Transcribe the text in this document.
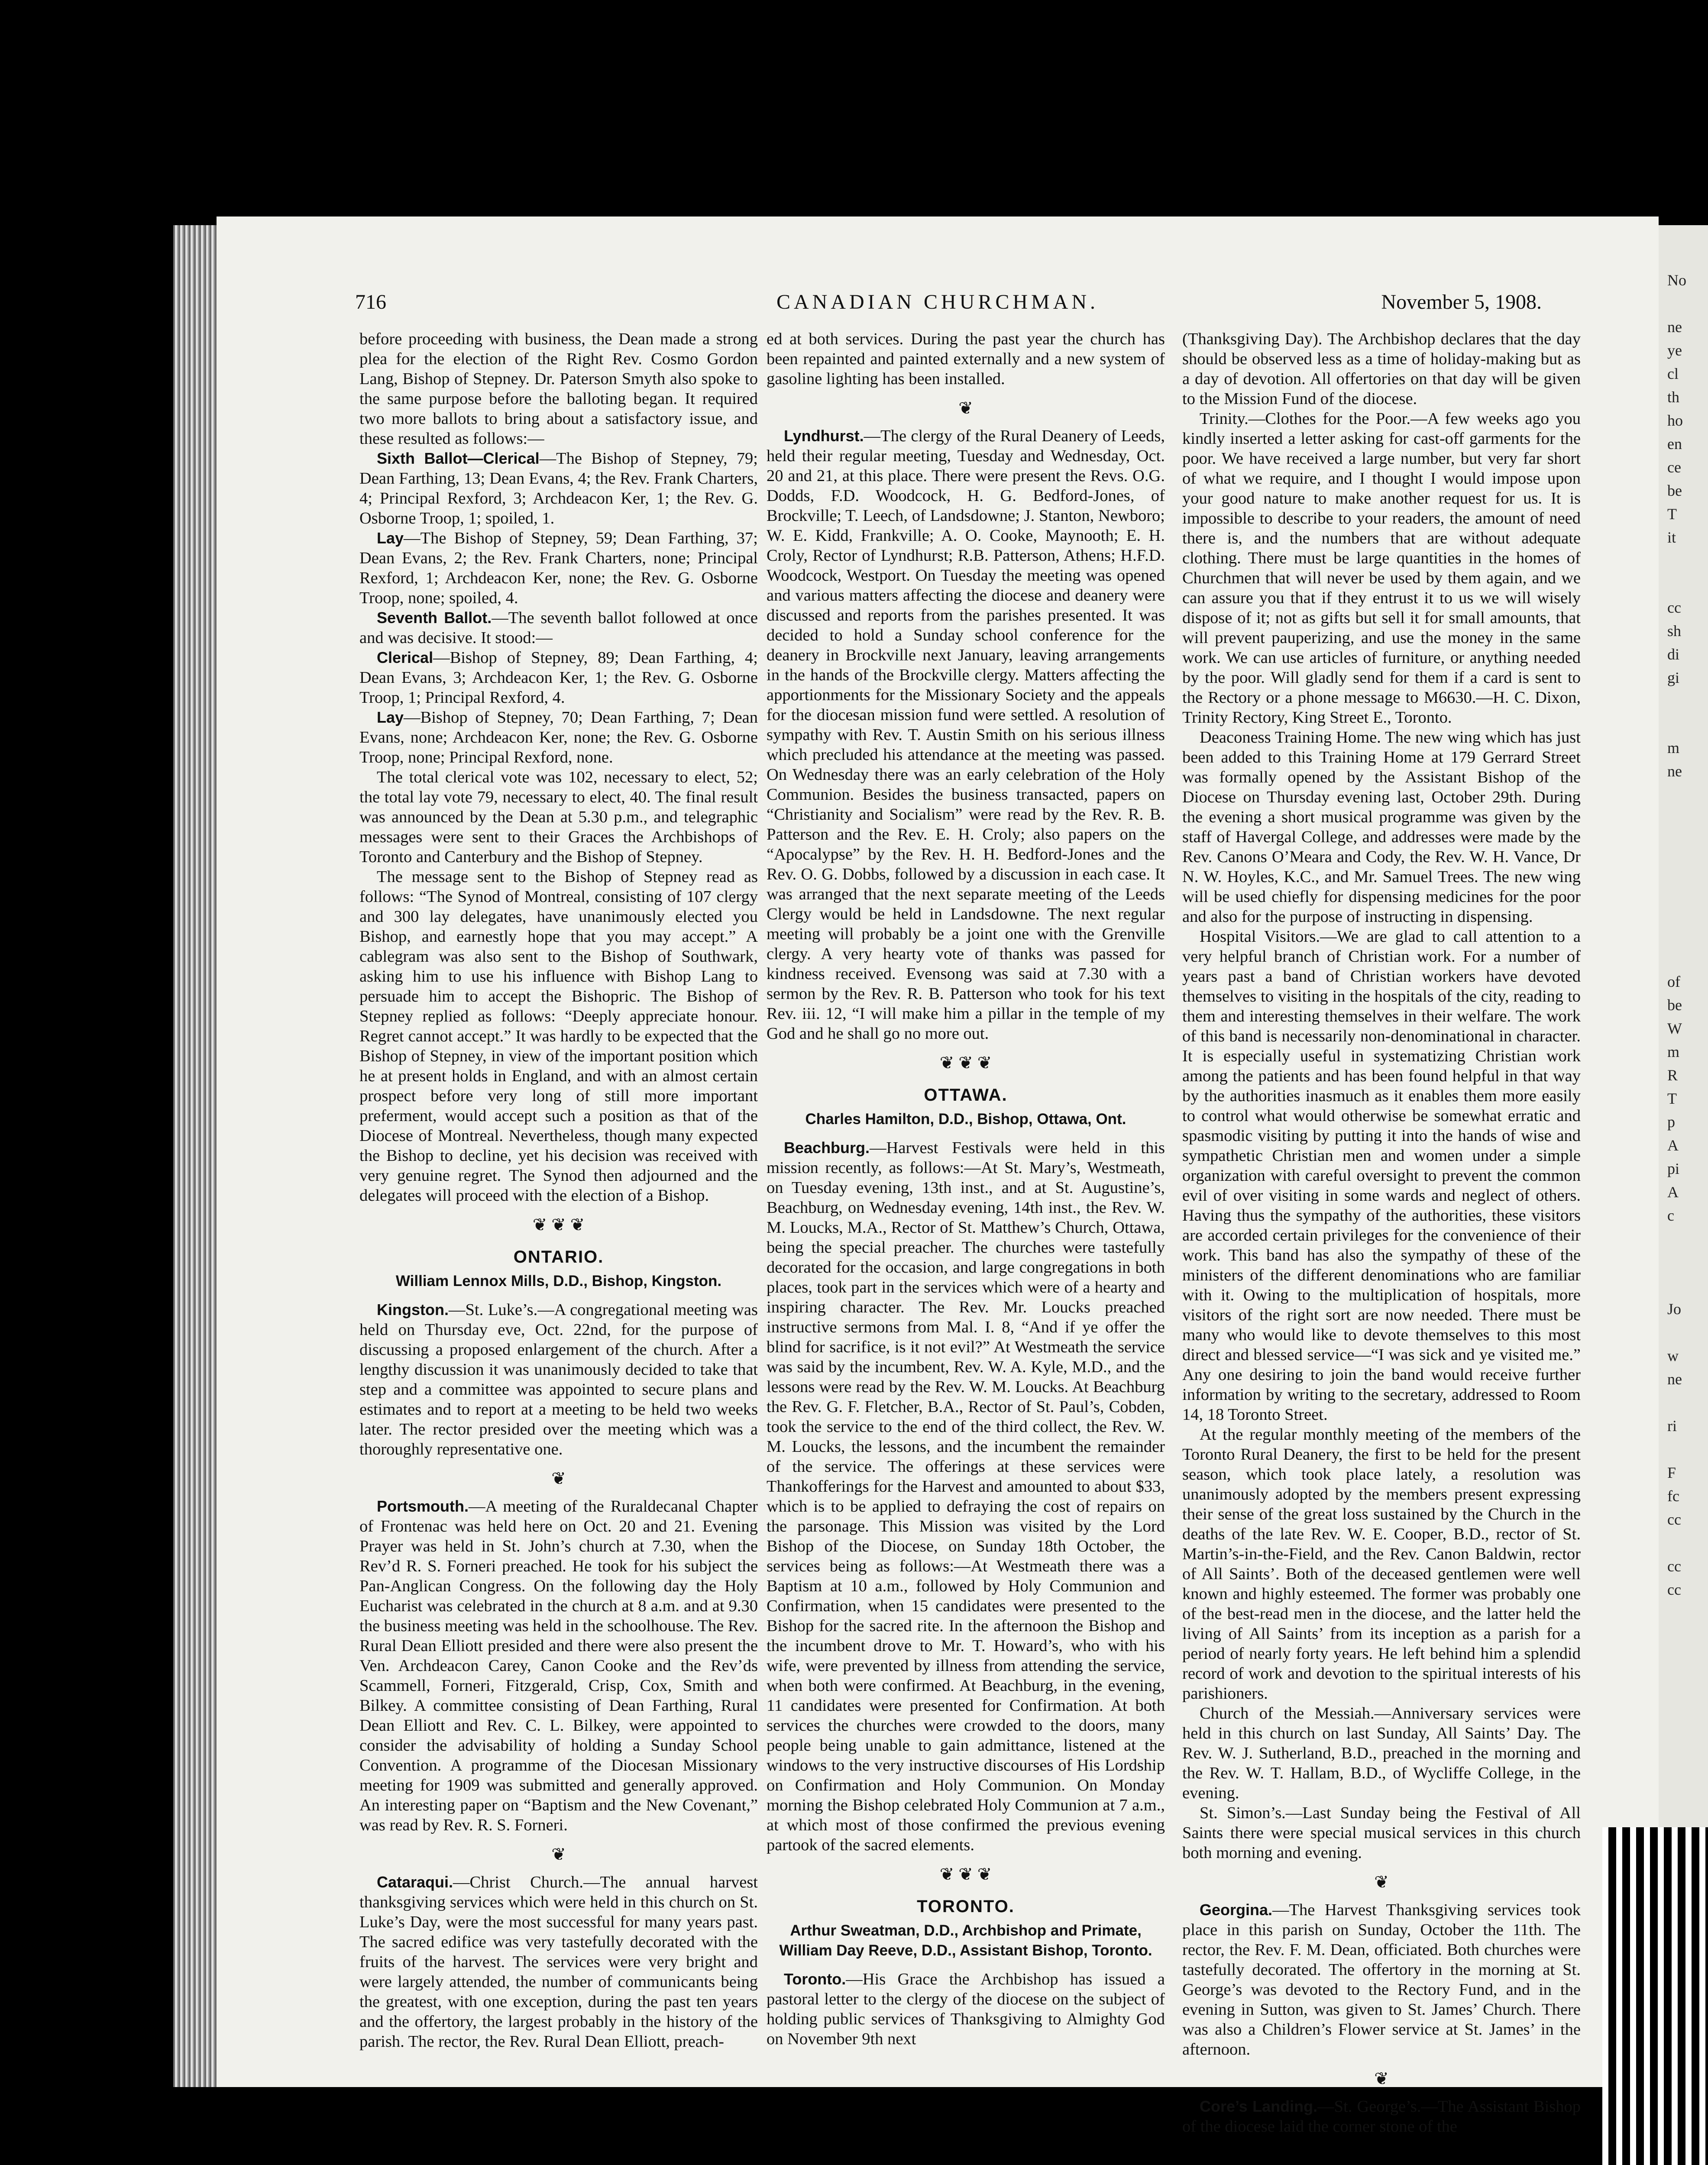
716	CANADIAN CHURCHMAN.	November 5, 1908.

before proceeding with business, the Dean made a strong plea for the election of the Right Rev. Cosmo Gordon Lang, Bishop of Stepney. Dr. Paterson Smyth also spoke to the same purpose before the balloting began. It required two more ballots to bring about a satisfactory issue, and these resulted as follows:—

Sixth Ballot—Clerical—The Bishop of Stepney, 79; Dean Farthing, 13; Dean Evans, 4; the Rev. Frank Charters, 4; Principal Rexford, 3; Archdeacon Ker, 1; the Rev. G. Osborne Troop, 1; spoiled, 1.

Lay—The Bishop of Stepney, 59; Dean Farthing, 37; Dean Evans, 2; the Rev. Frank Charters, none; Principal Rexford, 1; Archdeacon Ker, none; the Rev. G. Osborne Troop, none; spoiled, 4.

Seventh Ballot.—The seventh ballot followed at once and was decisive. It stood:—

Clerical—Bishop of Stepney, 89; Dean Farthing, 4; Dean Evans, 3; Archdeacon Ker, 1; the Rev. G. Osborne Troop, 1; Principal Rexford, 4.

Lay—Bishop of Stepney, 70; Dean Farthing, 7; Dean Evans, none; Archdeacon Ker, none; the Rev. G. Osborne Troop, none; Principal Rexford, none.

The total clerical vote was 102, necessary to elect, 52; the total lay vote 79, necessary to elect, 40. The final result was announced by the Dean at 5.30 p.m., and telegraphic messages were sent to their Graces the Archbishops of Toronto and Canterbury and the Bishop of Stepney.

The message sent to the Bishop of Stepney read as follows: “The Synod of Montreal, consisting of 107 clergy and 300 lay delegates, have unanimously elected you Bishop, and earnestly hope that you may accept.” A cablegram was also sent to the Bishop of Southwark, asking him to use his influence with Bishop Lang to persuade him to accept the Bishopric. The Bishop of Stepney replied as follows: “Deeply appreciate honour. Regret cannot accept.” It was hardly to be expected that the Bishop of Stepney, in view of the important position which he at present holds in England, and with an almost certain prospect before very long of still more important preferment, would accept such a position as that of the Diocese of Montreal. Nevertheless, though many expected the Bishop to decline, yet his decision was received with very genuine regret. The Synod then adjourned and the delegates will proceed with the election of a Bishop.

❦ ❦ ❦
ONTARIO.
William Lennox Mills, D.D., Bishop, Kingston.

Kingston.—St. Luke’s.—A congregational meeting was held on Thursday eve, Oct. 22nd, for the purpose of discussing a proposed enlargement of the church. After a lengthy discussion it was unanimously decided to take that step and a committee was appointed to secure plans and estimates and to report at a meeting to be held two weeks later. The rector presided over the meeting which was a thoroughly representative one.

❦

Portsmouth.—A meeting of the Ruraldecanal Chapter of Frontenac was held here on Oct. 20 and 21. Evening Prayer was held in St. John’s church at 7.30, when the Rev’d R. S. Forneri preached. He took for his subject the Pan-Anglican Congress. On the following day the Holy Eucharist was celebrated in the church at 8 a.m. and at 9.30 the business meeting was held in the schoolhouse. The Rev. Rural Dean Elliott presided and there were also present the Ven. Archdeacon Carey, Canon Cooke and the Rev’ds Scammell, Forneri, Fitzgerald, Crisp, Cox, Smith and Bilkey. A committee consisting of Dean Farthing, Rural Dean Elliott and Rev. C. L. Bilkey, were appointed to consider the advisability of holding a Sunday School Convention. A programme of the Diocesan Missionary meeting for 1909 was submitted and generally approved. An interesting paper on “Baptism and the New Covenant,” was read by Rev. R. S. Forneri.

❦

Cataraqui.—Christ Church.—The annual harvest thanksgiving services which were held in this church on St. Luke’s Day, were the most successful for many years past. The sacred edifice was very tastefully decorated with the fruits of the harvest. The services were very bright and were largely attended, the number of communicants being the greatest, with one exception, during the past ten years and the offertory, the largest probably in the history of the parish. The rector, the Rev. Rural Dean Elliott, preach-

ed at both services. During the past year the church has been repainted and painted externally and a new system of gasoline lighting has been installed.

❦

Lyndhurst.—The clergy of the Rural Deanery of Leeds, held their regular meeting, Tuesday and Wednesday, Oct. 20 and 21, at this place. There were present the Revs. O.G. Dodds, F.D. Woodcock, H. G. Bedford-Jones, of Brockville; T. Leech, of Landsdowne; J. Stanton, Newboro; W. E. Kidd, Frankville; A. O. Cooke, Maynooth; E. H. Croly, Rector of Lyndhurst; R.B. Patterson, Athens; H.F.D. Woodcock, Westport. On Tuesday the meeting was opened and various matters affecting the diocese and deanery were discussed and reports from the parishes presented. It was decided to hold a Sunday school conference for the deanery in Brockville next January, leaving arrangements in the hands of the Brockville clergy. Matters affecting the apportionments for the Missionary Society and the appeals for the diocesan mission fund were settled. A resolution of sympathy with Rev. T. Austin Smith on his serious illness which precluded his attendance at the meeting was passed. On Wednesday there was an early celebration of the Holy Communion. Besides the business transacted, papers on “Christianity and Socialism” were read by the Rev. R. B. Patterson and the Rev. E. H. Croly; also papers on the “Apocalypse” by the Rev. H. H. Bedford-Jones and the Rev. O. G. Dobbs, followed by a discussion in each case. It was arranged that the next separate meeting of the Leeds Clergy would be held in Landsdowne. The next regular meeting will probably be a joint one with the Grenville clergy. A very hearty vote of thanks was passed for kindness received. Evensong was said at 7.30 with a sermon by the Rev. R. B. Patterson who took for his text Rev. iii. 12, “I will make him a pillar in the temple of my God and he shall go no more out.

❦ ❦ ❦
OTTAWA.
Charles Hamilton, D.D., Bishop, Ottawa, Ont.

Beachburg.—Harvest Festivals were held in this mission recently, as follows:—At St. Mary’s, Westmeath, on Tuesday evening, 13th inst., and at St. Augustine’s, Beachburg, on Wednesday evening, 14th inst., the Rev. W. M. Loucks, M.A., Rector of St. Matthew’s Church, Ottawa, being the special preacher. The churches were tastefully decorated for the occasion, and large congregations in both places, took part in the services which were of a hearty and inspiring character. The Rev. Mr. Loucks preached instructive sermons from Mal. I. 8, “And if ye offer the blind for sacrifice, is it not evil?” At Westmeath the service was said by the incumbent, Rev. W. A. Kyle, M.D., and the lessons were read by the Rev. W. M. Loucks. At Beachburg the Rev. G. F. Fletcher, B.A., Rector of St. Paul’s, Cobden, took the service to the end of the third collect, the Rev. W. M. Loucks, the lessons, and the incumbent the remainder of the service. The offerings at these services were Thankofferings for the Harvest and amounted to about $33, which is to be applied to defraying the cost of repairs on the parsonage. This Mission was visited by the Lord Bishop of the Diocese, on Sunday 18th October, the services being as follows:—At Westmeath there was a Baptism at 10 a.m., followed by Holy Communion and Confirmation, when 15 candidates were presented to the Bishop for the sacred rite. In the afternoon the Bishop and the incumbent drove to Mr. T. Howard’s, who with his wife, were prevented by illness from attending the service, when both were confirmed. At Beachburg, in the evening, 11 candidates were presented for Confirmation. At both services the churches were crowded to the doors, many people being unable to gain admittance, listened at the windows to the very instructive discourses of His Lordship on Confirmation and Holy Communion. On Monday morning the Bishop celebrated Holy Communion at 7 a.m., at which most of those confirmed the previous evening partook of the sacred elements.

❦ ❦ ❦
TORONTO.
Arthur Sweatman, D.D., Archbishop and Primate, William Day Reeve, D.D., Assistant Bishop, Toronto.

Toronto.—His Grace the Archbishop has issued a pastoral letter to the clergy of the diocese on the subject of holding public services of Thanksgiving to Almighty God on November 9th next

(Thanksgiving Day). The Archbishop declares that the day should be observed less as a time of holiday-making but as a day of devotion. All offertories on that day will be given to the Mission Fund of the diocese.

Trinity.—Clothes for the Poor.—A few weeks ago you kindly inserted a letter asking for cast-off garments for the poor. We have received a large number, but very far short of what we require, and I thought I would impose upon your good nature to make another request for us. It is impossible to describe to your readers, the amount of need there is, and the numbers that are without adequate clothing. There must be large quantities in the homes of Churchmen that will never be used by them again, and we can assure you that if they entrust it to us we will wisely dispose of it; not as gifts but sell it for small amounts, that will prevent pauperizing, and use the money in the same work. We can use articles of furniture, or anything needed by the poor. Will gladly send for them if a card is sent to the Rectory or a phone message to M6630.—H. C. Dixon, Trinity Rectory, King Street E., Toronto.

Deaconess Training Home. The new wing which has just been added to this Training Home at 179 Gerrard Street was formally opened by the Assistant Bishop of the Diocese on Thursday evening last, October 29th. During the evening a short musical programme was given by the staff of Havergal College, and addresses were made by the Rev. Canons O’Meara and Cody, the Rev. W. H. Vance, Dr N. W. Hoyles, K.C., and Mr. Samuel Trees. The new wing will be used chiefly for dispensing medicines for the poor and also for the purpose of instructing in dispensing.

Hospital Visitors.—We are glad to call attention to a very helpful branch of Christian work. For a number of years past a band of Christian workers have devoted themselves to visiting in the hospitals of the city, reading to them and interesting themselves in their welfare. The work of this band is necessarily non-denominational in character. It is especially useful in systematizing Christian work among the patients and has been found helpful in that way by the authorities inasmuch as it enables them more easily to control what would otherwise be somewhat erratic and spasmodic visiting by putting it into the hands of wise and sympathetic Christian men and women under a simple organization with careful oversight to prevent the common evil of over visiting in some wards and neglect of others. Having thus the sympathy of the authorities, these visitors are accorded certain privileges for the convenience of their work. This band has also the sympathy of these of the ministers of the different denominations who are familiar with it. Owing to the multiplication of hospitals, more visitors of the right sort are now needed. There must be many who would like to devote themselves to this most direct and blessed service—“I was sick and ye visited me.” Any one desiring to join the band would receive further information by writing to the secretary, addressed to Room 14, 18 Toronto Street.

At the regular monthly meeting of the members of the Toronto Rural Deanery, the first to be held for the present season, which took place lately, a resolution was unanimously adopted by the members present expressing their sense of the great loss sustained by the Church in the deaths of the late Rev. W. E. Cooper, B.D., rector of St. Martin’s-in-the-Field, and the Rev. Canon Baldwin, rector of All Saints’. Both of the deceased gentlemen were well known and highly esteemed. The former was probably one of the best-read men in the diocese, and the latter held the living of All Saints’ from its inception as a parish for a period of nearly forty years. He left behind him a splendid record of work and devotion to the spiritual interests of his parishioners.

Church of the Messiah.—Anniversary services were held in this church on last Sunday, All Saints’ Day. The Rev. W. J. Sutherland, B.D., preached in the morning and the Rev. W. T. Hallam, B.D., of Wycliffe College, in the evening.

St. Simon’s.—Last Sunday being the Festival of All Saints there were special musical services in this church both morning and evening.

❦

Georgina.—The Harvest Thanksgiving services took place in this parish on Sunday, October the 11th. The rector, the Rev. F. M. Dean, officiated. Both churches were tastefully decorated. The offertory in the morning at St. George’s was devoted to the Rectory Fund, and in the evening in Sutton, was given to St. James’ Church. There was also a Children’s Flower service at St. James’ in the afternoon.

❦

Core’s Landing.—St. George’s.—The Assistant Bishop of the diocese laid the corner stone of the

No

ne
ye
cl
th
ho
en
ce
be
T
it

cc
sh
di
gi

m
ne

of
be
W
m
R
T
p
A
pi
A
c

Jo

w
ne

ri

F
fc
cc

cc
cc
